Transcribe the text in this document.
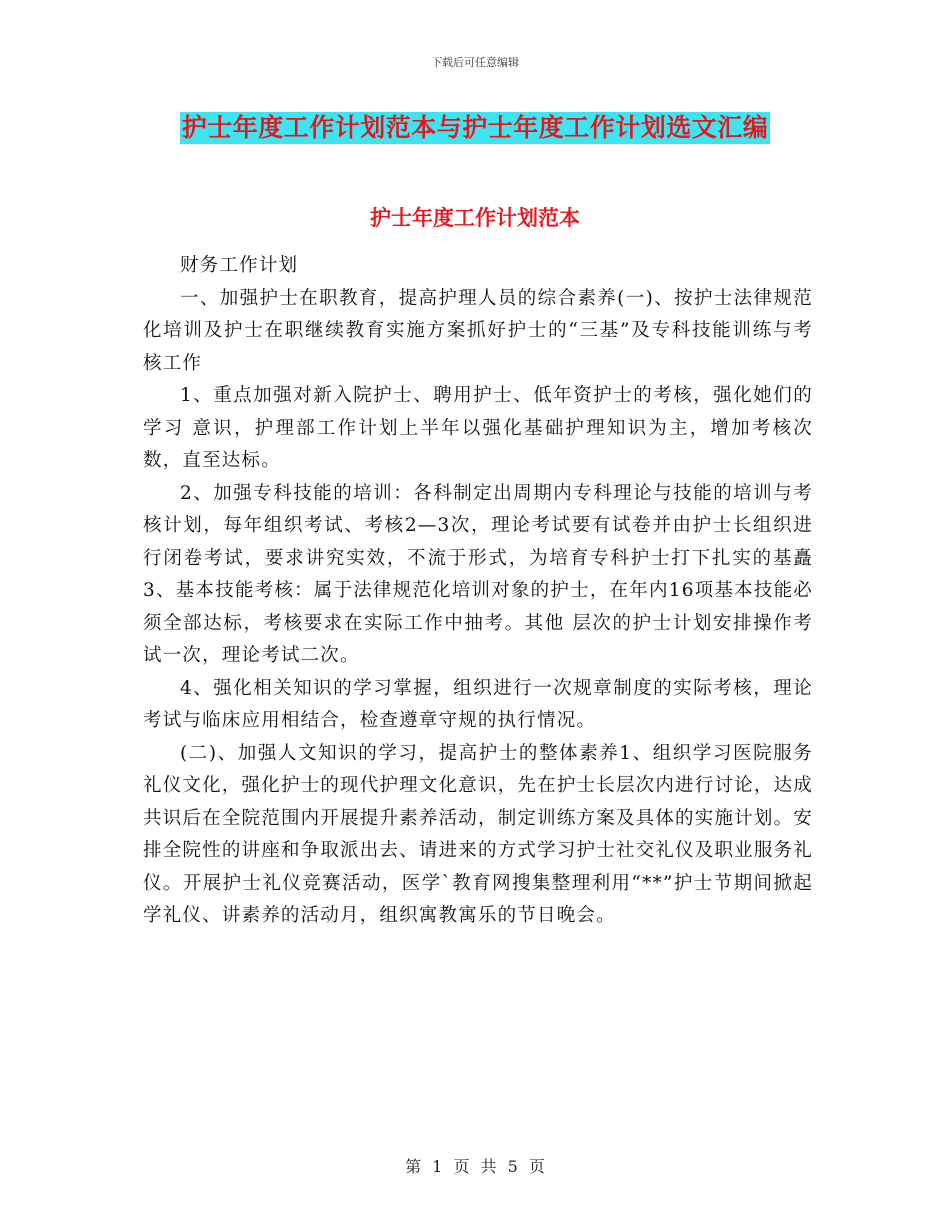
下载后可任意编辑
护士年度工作计划范本与护士年度工作计划选文汇编
护士年度工作计划范本

财务工作计划

一、加强护士在职教育，提高护理人员的综合素养(一)、按护士法律规范化培训及护士在职继续教育实施方案抓好护士的“三基”及专科技能训练与考核工作

1、重点加强对新入院护士、聘用护士、低年资护士的考核，强化她们的学习 意识，护理部工作计划上半年以强化基础护理知识为主，增加考核次数，直至达标。

2、加强专科技能的培训：各科制定出周期内专科理论与技能的培训与考核计划，每年组织考试、考核2—3次，理论考试要有试卷并由护士长组织进行闭卷考试，要求讲究实效，不流于形式，为培育专科护士打下扎实的基矗3、基本技能考核：属于法律规范化培训对象的护士，在年内16项基本技能必须全部达标，考核要求在实际工作中抽考。其他 层次的护士计划安排操作考试一次，理论考试二次。

4、强化相关知识的学习掌握，组织进行一次规章制度的实际考核，理论考试与临床应用相结合，检查遵章守规的执行情况。

(二)、加强人文知识的学习，提高护士的整体素养1、组织学习医院服务礼仪文化，强化护士的现代护理文化意识，先在护士长层次内进行讨论，达成共识后在全院范围内开展提升素养活动，制定训练方案及具体的实施计划。安排全院性的讲座和争取派出去、请进来的方式学习护士社交礼仪及职业服务礼仪。开展护士礼仪竞赛活动，医学`教育网搜集整理利用“**”护士节期间掀起学礼仪、讲素养的活动月，组织寓教寓乐的节日晚会。

第 1 页 共 5 页
